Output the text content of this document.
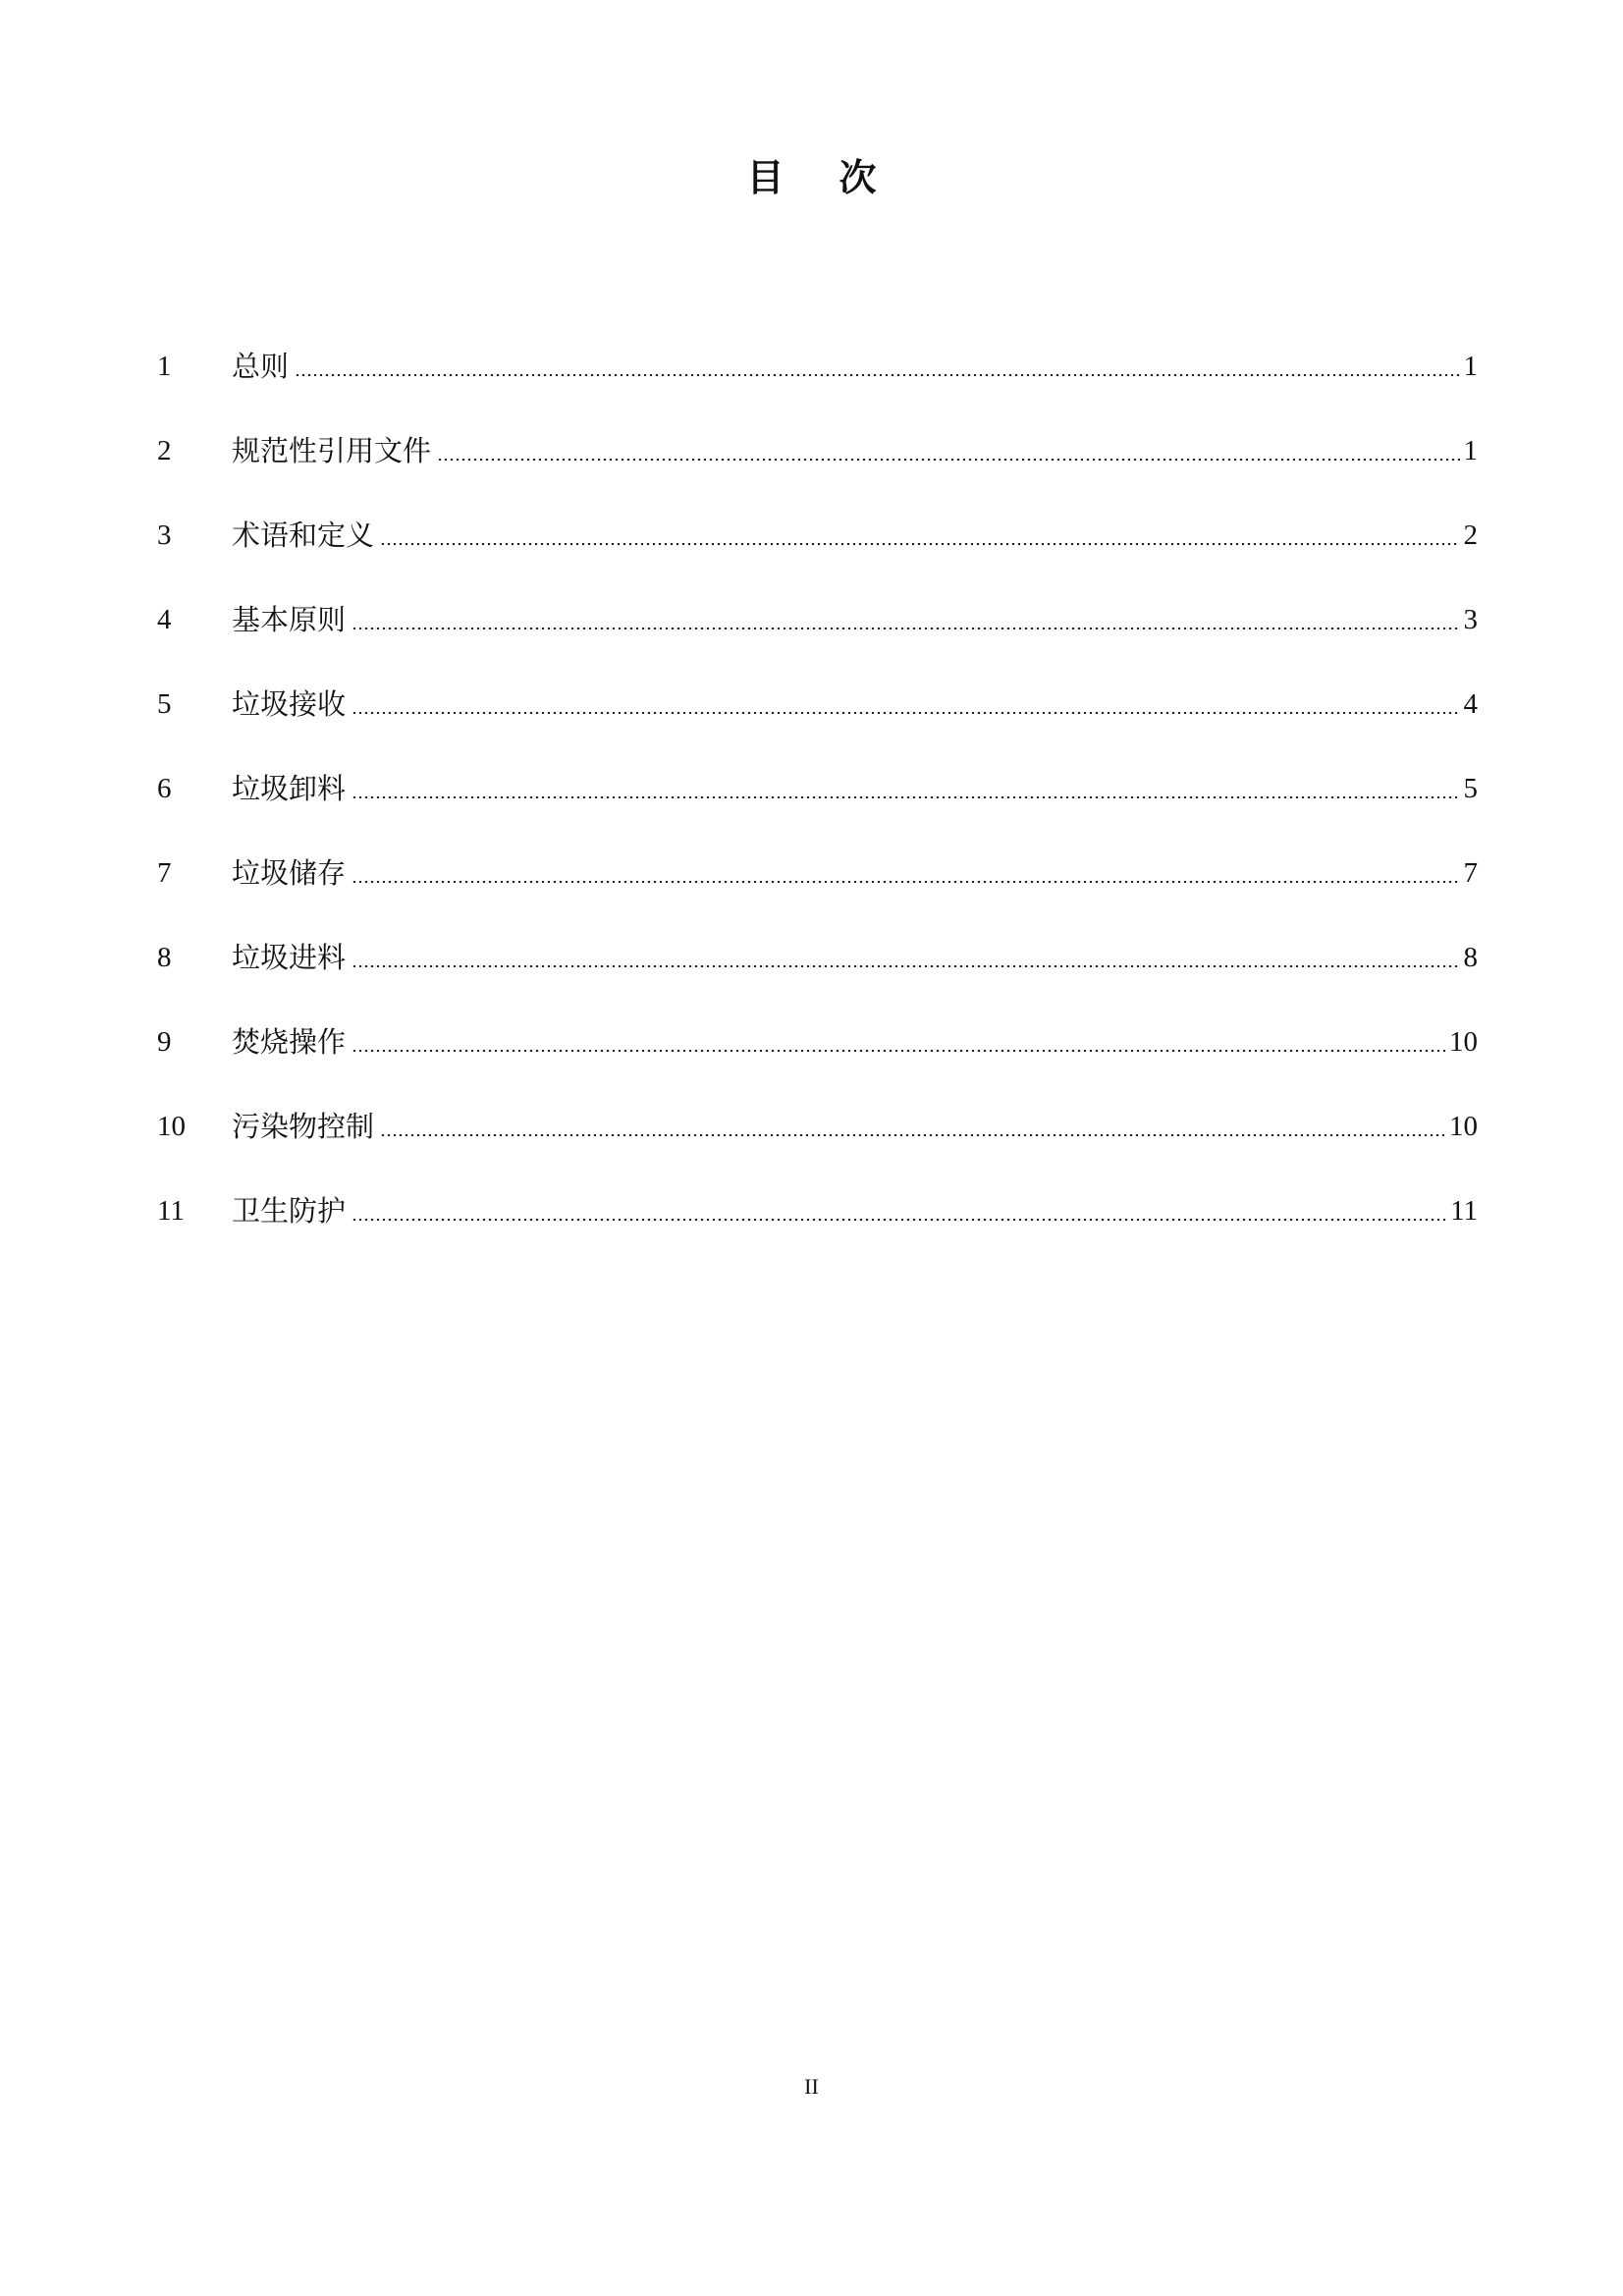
目 次
1	总则	1
2	规范性引用文件	1
3	术语和定义	2
4	基本原则	3
5	垃圾接收	4
6	垃圾卸料	5
7	垃圾储存	7
8	垃圾进料	8
9	焚烧操作	10
10	污染物控制	10
11	卫生防护	11
II
